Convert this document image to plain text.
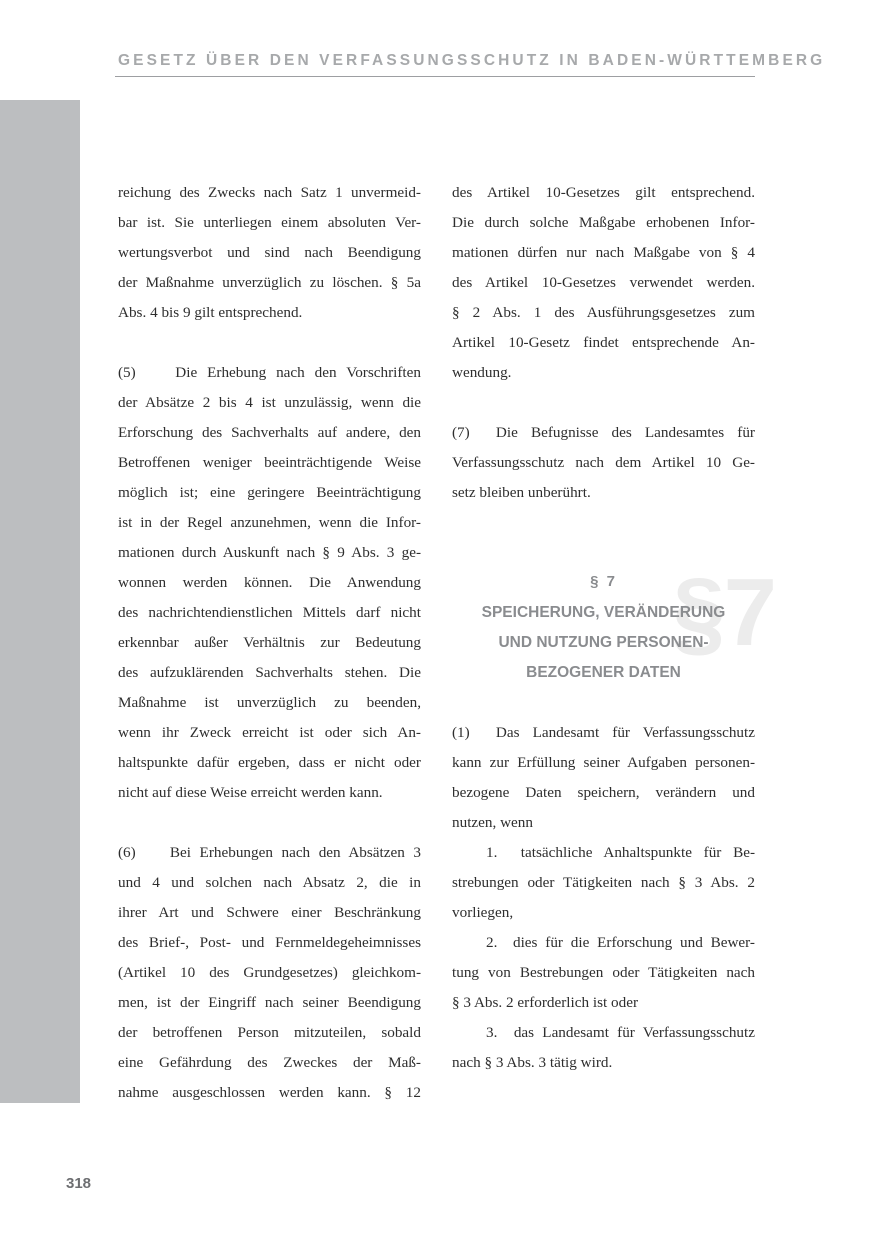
GESETZ ÜBER DEN VERFASSUNGSSCHUTZ IN BADEN-WÜRTTEMBERG
reichung des Zwecks nach Satz 1 unvermeid-
bar ist. Sie unterliegen einem absoluten Ver-
wertungsverbot und sind nach Beendigung
der Maßnahme unverzüglich zu löschen. § 5a
Abs. 4 bis 9 gilt entsprechend.
(5)    Die Erhebung nach den Vorschriften
der Absätze 2 bis 4 ist unzulässig, wenn die
Erforschung des Sachverhalts auf andere, den
Betroffenen weniger beeinträchtigende Weise
möglich ist; eine geringere Beeinträchtigung
ist in der Regel anzunehmen, wenn die Infor-
mationen durch Auskunft nach § 9 Abs. 3 ge-
wonnen werden können. Die Anwendung
des nachrichtendienstlichen Mittels darf nicht
erkennbar außer Verhältnis zur Bedeutung
des aufzuklärenden Sachverhalts stehen. Die
Maßnahme ist unverzüglich zu beenden,
wenn ihr Zweck erreicht ist oder sich An-
haltspunkte dafür ergeben, dass er nicht oder
nicht auf diese Weise erreicht werden kann.
(6)    Bei Erhebungen nach den Absätzen 3
und 4 und solchen nach Absatz 2, die in
ihrer Art und Schwere einer Beschränkung
des Brief-, Post- und Fernmeldegeheimnisses
(Artikel 10 des Grundgesetzes) gleichkom-
men, ist der Eingriff nach seiner Beendigung
der betroffenen Person mitzuteilen, sobald
eine Gefährdung des Zweckes der Maß-
nahme ausgeschlossen werden kann. § 12
des Artikel 10-Gesetzes gilt entsprechend.
Die durch solche Maßgabe erhobenen Infor-
mationen dürfen nur nach Maßgabe von § 4
des Artikel 10-Gesetzes verwendet werden.
§ 2 Abs. 1 des Ausführungsgesetzes zum
Artikel 10-Gesetz findet entsprechende An-
wendung.
(7)  Die Befugnisse des Landesamtes für
Verfassungsschutz nach dem Artikel 10 Ge-
setz bleiben unberührt.
§7
§ 7
SPEICHERUNG, VERÄNDERUNG
UND NUTZUNG PERSONEN-
BEZOGENER DATEN
(1)  Das Landesamt für Verfassungsschutz
kann zur Erfüllung seiner Aufgaben personen-
bezogene Daten speichern, verändern und
nutzen, wenn
1.  tatsächliche Anhaltspunkte für Be-
strebungen oder Tätigkeiten nach § 3 Abs. 2
vorliegen,
2.  dies für die Erforschung und Bewer-
tung von Bestrebungen oder Tätigkeiten nach
§ 3 Abs. 2 erforderlich ist oder
3.  das Landesamt für Verfassungsschutz
nach § 3 Abs. 3 tätig wird.
318
